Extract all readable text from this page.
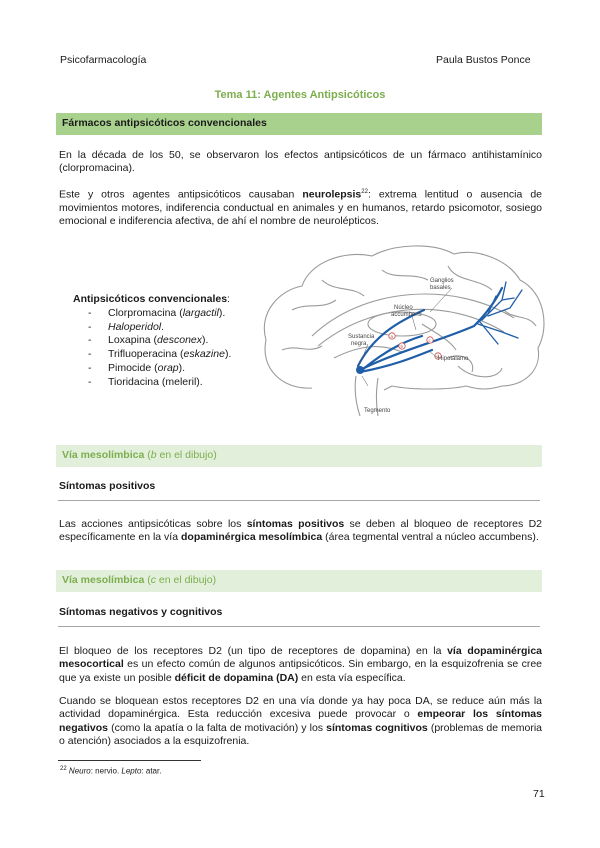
Psicofarmacología	Paula Bustos Ponce
Tema 11: Agentes Antipsicóticos
Fármacos antipsicóticos convencionales
En la década de los 50, se observaron los efectos antipsicóticos de un fármaco antihistamínico (clorpromacina).
Este y otros agentes antipsicóticos causaban neurolepsis$^{22}$: extrema lentitud o ausencia de movimientos motores, indiferencia conductual en animales y en humanos, retardo psicomotor, sosiego emocional e indiferencia afectiva, de ahí el nombre de neurolépticos.
Antipsicóticos convencionales:
- Clorpromacina (largactil).
- Haloperidol.
- Loxapina (desconex).
- Trifluoperacina (eskazine).
- Pimocide (orap).
- Tioridacina (meleril).
a
b
c
d
Ganglios
basales
Núcleo
accumbens
Sustancia
negra
Hipotálamo
Tegmento
Vía mesolímbica (b en el dibujo)
Síntomas positivos
Las acciones antipsicóticas sobre los síntomas positivos se deben al bloqueo de receptores D2 específicamente en la vía dopaminérgica mesolímbica (área tegmental ventral a núcleo accumbens).
Vía mesolímbica (c en el dibujo)
Síntomas negativos y cognitivos
El bloqueo de los receptores D2 (un tipo de receptores de dopamina) en la vía dopaminérgica mesocortical es un efecto común de algunos antipsicóticos. Sin embargo, en la esquizofrenia se cree que ya existe un posible déficit de dopamina (DA) en esta vía específica.
Cuando se bloquean estos receptores D2 en una vía donde ya hay poca DA, se reduce aún más la actividad dopaminérgica. Esta reducción excesiva puede provocar o empeorar los síntomas negativos (como la apatía o la falta de motivación) y los síntomas cognitivos (problemas de memoria o atención) asociados a la esquizofrenia.
$^{22}$ Neuro: nervio. Lepto: atar.
71
